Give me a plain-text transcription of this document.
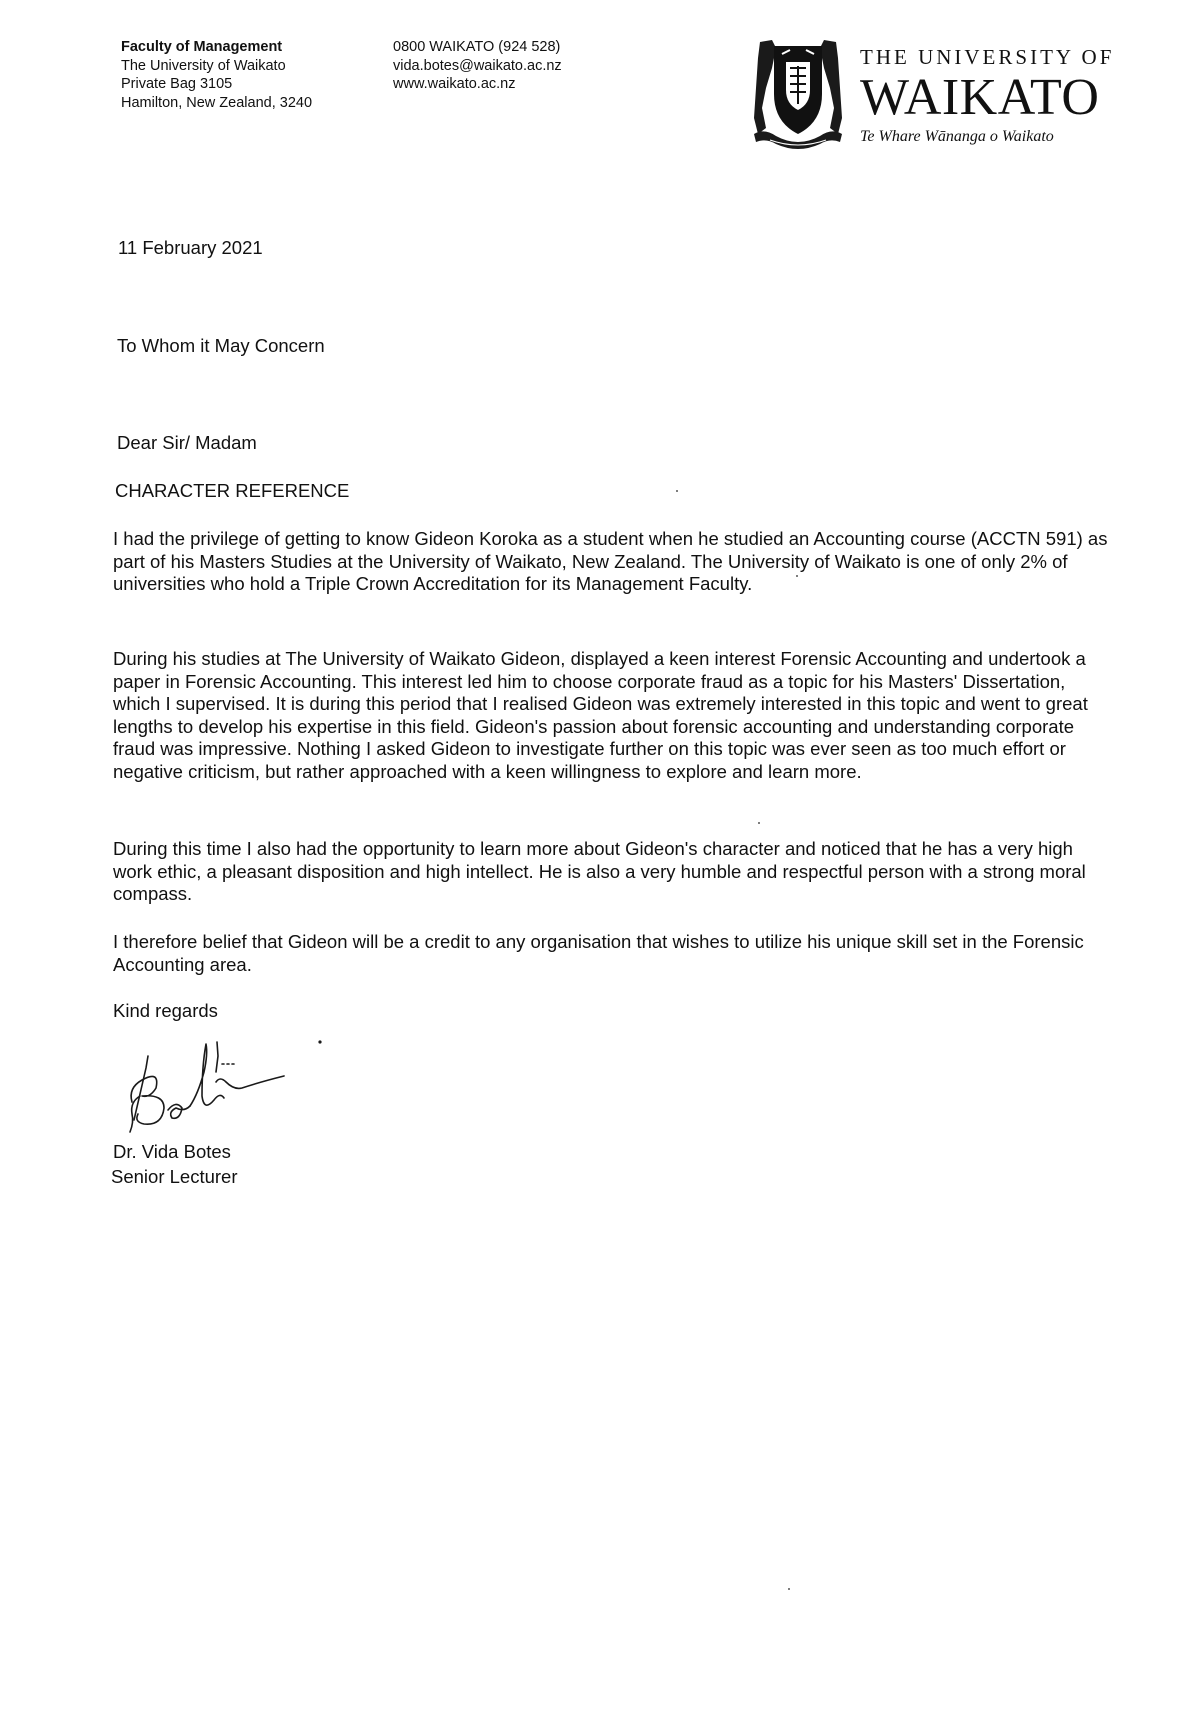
Faculty of Management
The University of Waikato
Private Bag 3105
Hamilton, New Zealand, 3240
0800 WAIKATO (924 528)
vida.botes@waikato.ac.nz
www.waikato.ac.nz
THE UNIVERSITY OF
WAIKATO
Te Whare Wānanga o Waikato
11 February 2021
To Whom it May Concern
Dear Sir/ Madam
CHARACTER REFERENCE
I had the privilege of getting to know Gideon Koroka as a student when he studied an Accounting course (ACCTN 591) as part of his Masters Studies at the University of Waikato, New Zealand. The University of Waikato is one of only 2% of universities who hold a Triple Crown Accreditation for its Management Faculty.
During his studies at The University of Waikato Gideon, displayed a keen interest Forensic Accounting and undertook a paper in Forensic Accounting. This interest led him to choose corporate fraud as a topic for his Masters' Dissertation, which I supervised. It is during this period that I realised Gideon was extremely interested in this topic and went to great lengths to develop his expertise in this field. Gideon's passion about forensic accounting and understanding corporate fraud was impressive. Nothing I asked Gideon to investigate further on this topic was ever seen as too much effort or negative criticism, but rather approached with a keen willingness to explore and learn more.
During this time I also had the opportunity to learn more about Gideon's character and noticed that he has a very high work ethic, a pleasant disposition and high intellect. He is also a very humble and respectful person with a strong moral compass.
I therefore belief that Gideon will be a credit to any organisation that wishes to utilize his unique skill set in the Forensic Accounting area.
Kind regards
Dr. Vida Botes
Senior Lecturer
